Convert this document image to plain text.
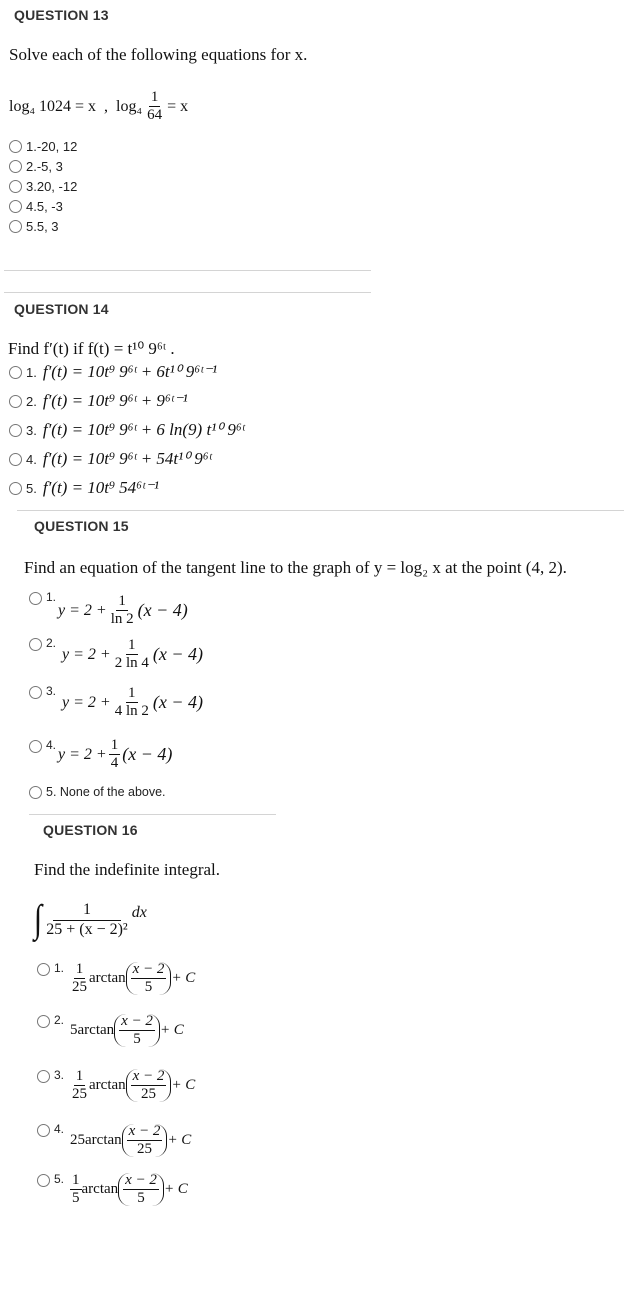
QUESTION 13
Solve each of the following equations for x.
log₄ 1024 = x , $\log_4 \frac{1}{64} = x$
1.-20, 12
2.-5, 3
3.20, -12
4.5, -3
5.5, 3
QUESTION 14
Find f′(t) if f(t) = t¹⁰ 9⁶ᵗ .
1. f′(t) = 10t⁹ 9⁶ᵗ + 6t¹⁰ 9⁶ᵗ⁻¹
2. f′(t) = 10t⁹ 9⁶ᵗ + 9⁶ᵗ⁻¹
3. f′(t) = 10t⁹ 9⁶ᵗ + 6 ln(9) t¹⁰ 9⁶ᵗ
4. f′(t) = 10t⁹ 9⁶ᵗ + 54t¹⁰ 9⁶ᵗ
5. f′(t) = 10t⁹ 54⁶ᵗ⁻¹
QUESTION 15
Find an equation of the tangent line to the graph of y = log₂ x at the point (4, 2).
1.
$y = 2 + \frac{1}{\ln 2} (x - 4)$
2.
$y = 2 + \frac{1}{2 \ln 4} (x - 4)$
3.
$y = 2 + \frac{1}{4 \ln 2} (x - 4)$
4.
$y = 2 + \frac{1}{4} (x - 4)$
5. None of the above.
QUESTION 16
Find the indefinite integral.
∫ $\frac{1}{\text{25 + (x − 2)²}}$ dx
1. $\frac{1}{25}$ $\arctan \frac{x - 2}{5} + C$
2.
5 $\arctan \frac{x - 2}{5} + C$
3. $\frac{1}{25}$ $\arctan \frac{x - 2}{25} + C$
4.
25 $\arctan \frac{x - 2}{25} + C$
5. $\frac{1}{5}$ $\arctan \frac{x - 2}{5} + C$
